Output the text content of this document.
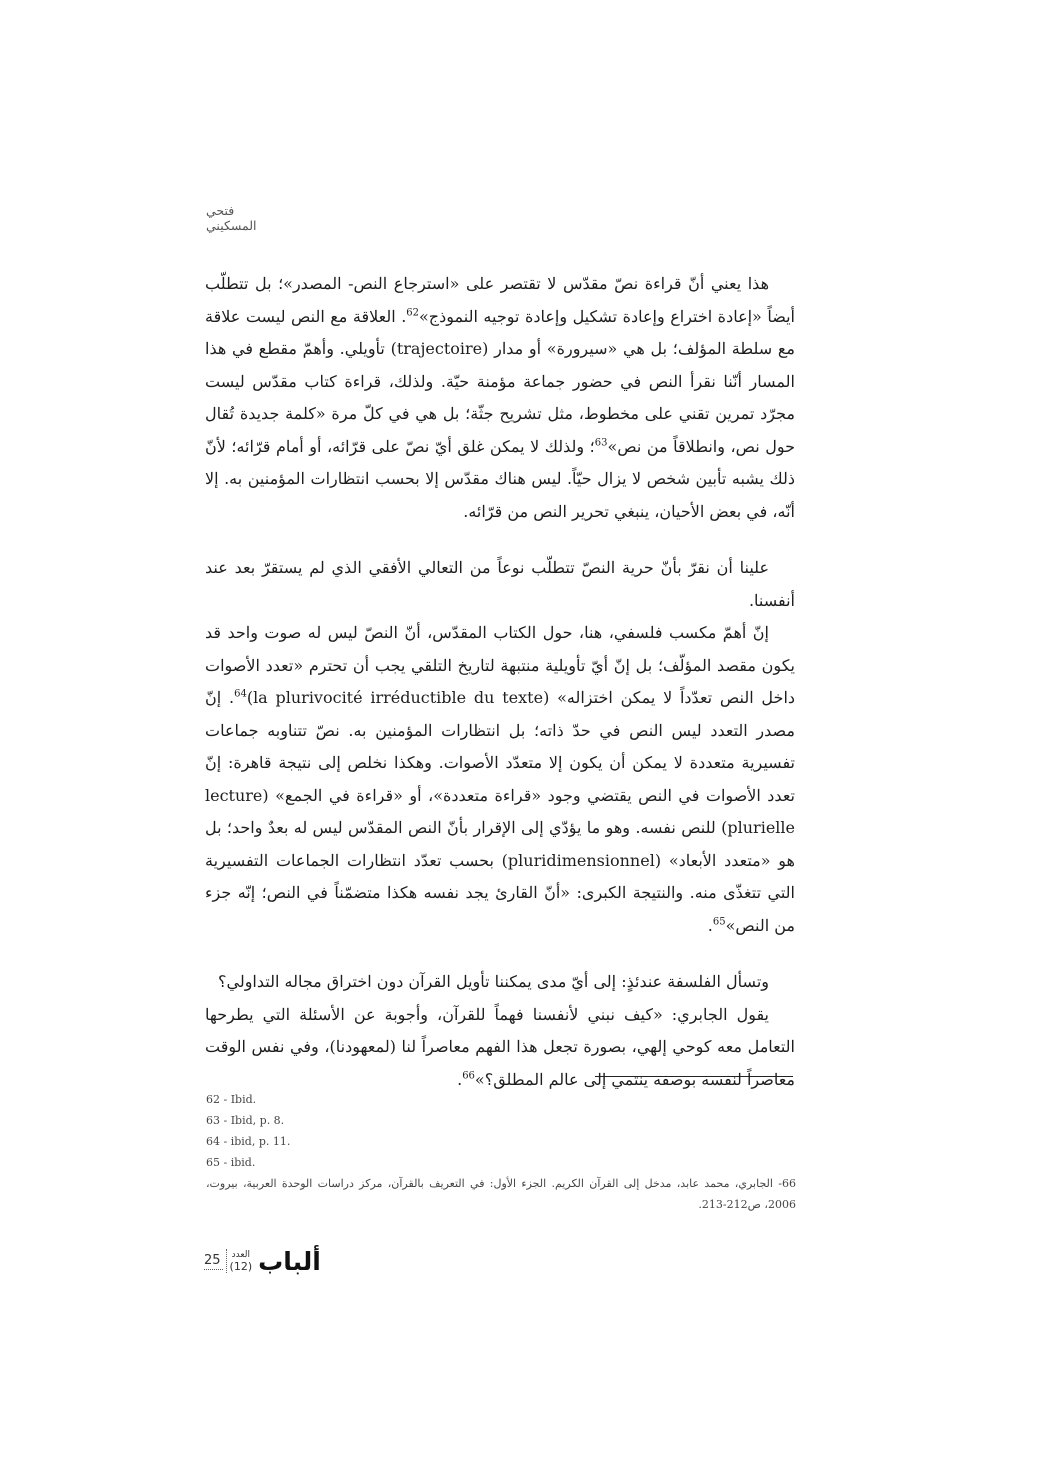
فتحي المسكيني

هذا يعني أنّ قراءة نصّ مقدّس لا تقتصر على «استرجاع النص- المصدر»؛ بل تتطلّب أيضاً «إعادة اختراع وإعادة تشكيل وإعادة توجيه النموذج»$^{62}$. العلاقة مع النص ليست علاقة مع سلطة المؤلف؛ بل هي «سيرورة» أو مدار (trajectoire) تأويلي. وأهمّ مقطع في هذا المسار أنّنا نقرأ النص في حضور جماعة مؤمنة حيّة. ولذلك، قراءة كتاب مقدّس ليست مجرّد تمرين تقني على مخطوط، مثل تشريح جثّة؛ بل هي في كلّ مرة «كلمة جديدة تُقال حول نص، وانطلاقاً من نص»$^{63}$؛ ولذلك لا يمكن غلق أيّ نصّ على قرّائه، أو أمام قرّائه؛ لأنّ ذلك يشبه تأبين شخص لا يزال حيّاً. ليس هناك مقدّس إلا بحسب انتظارات المؤمنين به. إلا أنّه، في بعض الأحيان، ينبغي تحرير النص من قرّائه.

علينا أن نقرّ بأنّ حرية النصّ تتطلّب نوعاً من التعالي الأفقي الذي لم يستقرّ بعد عند أنفسنا.

إنّ أهمّ مكسب فلسفي، هنا، حول الكتاب المقدّس، أنّ النصّ ليس له صوت واحد قد يكون مقصد المؤلّف؛ بل إنّ أيّ تأويلية منتبهة لتاريخ التلقي يجب أن تحترم «تعدد الأصوات داخل النص تعدّداً لا يمكن اختزاله» (la plurivocité irréductible du texte)$^{64}$. إنّ مصدر التعدد ليس النص في حدّ ذاته؛ بل انتظارات المؤمنين به. نصّ تتناوبه جماعات تفسيرية متعددة لا يمكن أن يكون إلا متعدّد الأصوات. وهكذا نخلص إلى نتيجة قاهرة: إنّ تعدد الأصوات في النص يقتضي وجود «قراءة متعددة»، أو «قراءة في الجمع» (lecture plurielle) للنص نفسه. وهو ما يؤدّي إلى الإقرار بأنّ النص المقدّس ليس له بعدٌ واحد؛ بل هو «متعدد الأبعاد» (pluridimensionnel) بحسب تعدّد انتظارات الجماعات التفسيرية التي تتغذّى منه. والنتيجة الكبرى: «أنّ القارئ يجد نفسه هكذا متضمّناً في النص؛ إنّه جزء من النص»$^{65}$.

وتسأل الفلسفة عندئذٍ: إلى أيّ مدى يمكننا تأويل القرآن دون اختراق مجاله التداولي؟

يقول الجابري: «كيف نبني لأنفسنا فهماً للقرآن، وأجوبة عن الأسئلة التي يطرحها التعامل معه كوحي إلهي، بصورة تجعل هذا الفهم معاصراً لنا (لمعهودنا)، وفي نفس الوقت معاصراً لنفسه بوصفه ينتمي إلى عالم المطلق؟»$^{66}$.

62 - Ibid.
63 - Ibid, p. 8.
64 - ibid, p. 11.
65 - ibid.
66- الجابري، محمد عابد، مدخل إلى القرآن الكريم. الجزء الأول: في التعريف بالقرآن، مركز دراسات الوحدة العربية، بيروت، 2006، ص212-213.
25 العدد
(12) ألباب
